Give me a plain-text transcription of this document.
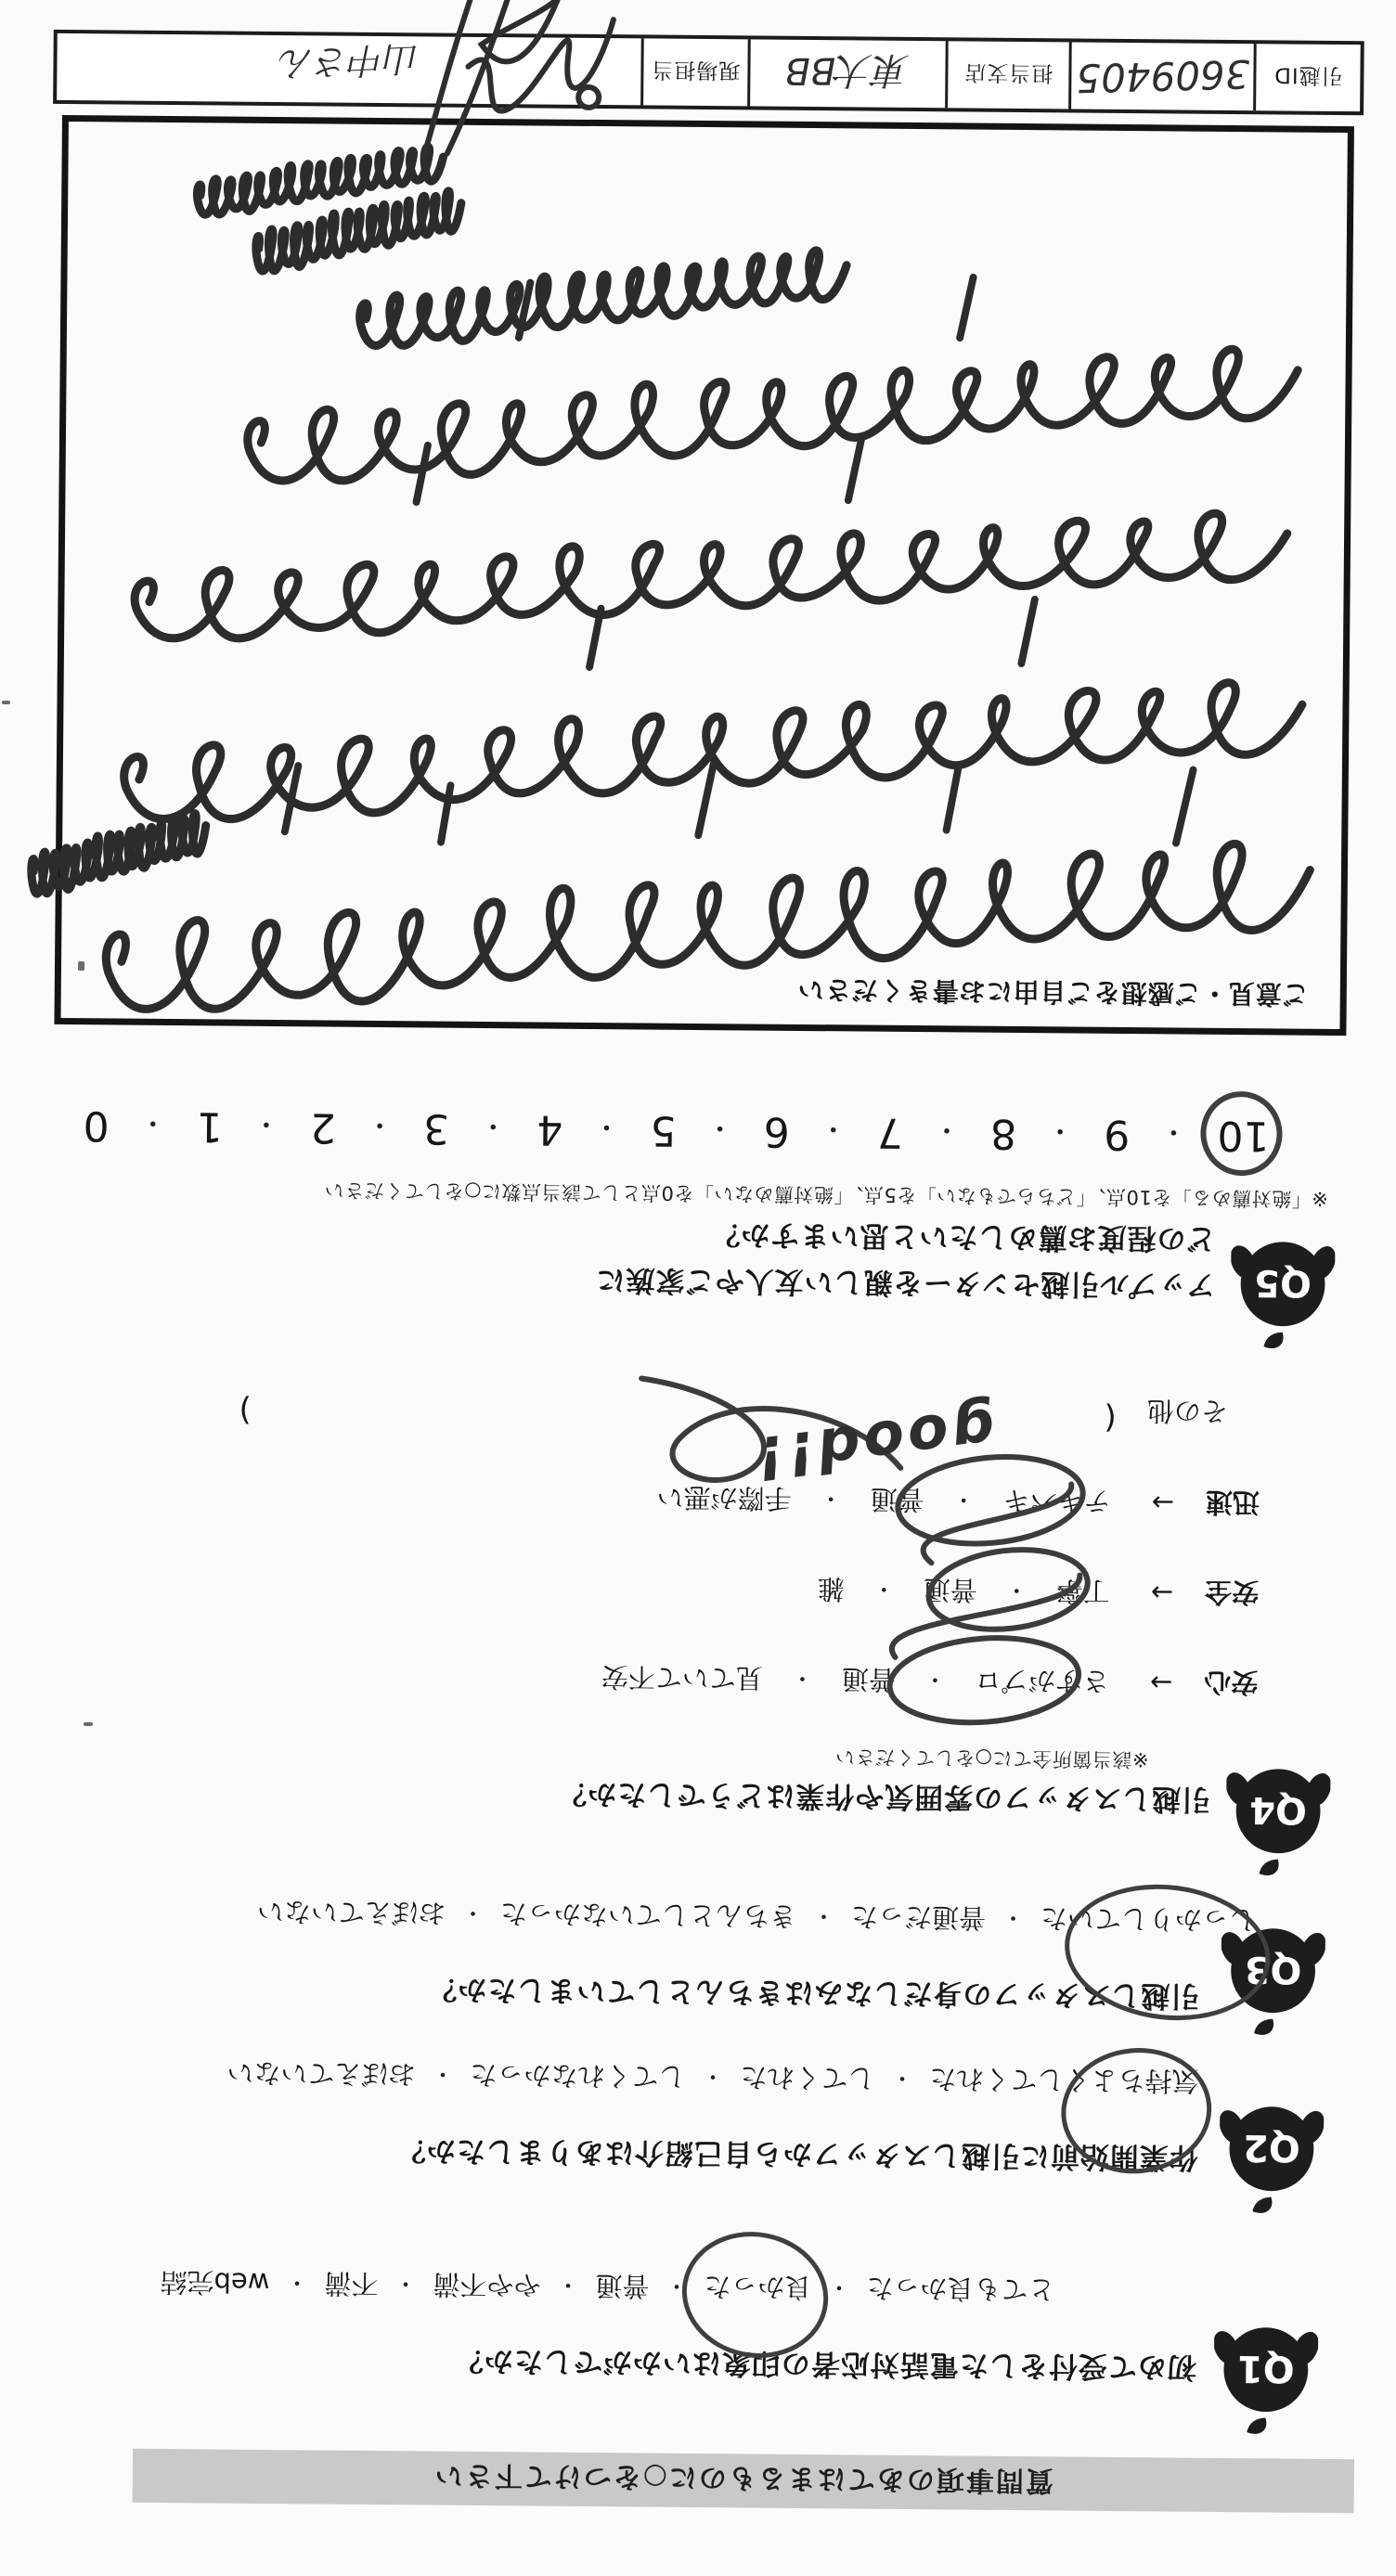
質問事項のあてはまるものに○をつけて下さい
Q1
初めて受付をした電話対応者の印象はいかがでしたか？
とても良かった
・
良かった
・
普通
・
やや不満
・
不満
・
web完結
Q2
作業開始前に引越しスタッフから自己紹介はありましたか？
気持ちよくしてくれた
・
してくれた
・
してくれなかった
・
おぼえていない
Q3
引越しスタッフの身だしなみはきちんとしていましたか？
しっかりしていた
・
普通だった
・
きちんとしていなかった
・
おぼえていない
Q4
引越しスタッフの雰囲気や作業はどうでしたか？
※該当箇所全てに○をしてください
安心
→
さすがプロ
・
普通
・
見ていて不安
安全
→
丁寧
・
普通
・
雑
迅速
→
テキパキ
・
普通
・
手際が悪い
その他
(
good!!
)
Q5
アップル引越センターを親しい友人やご家族に
どの程度お薦めしたいと思いますか？
※「絶対薦める」を10点、「どちらでもない」を5点、「絶対薦めない」を0点として該当点数に○をしてください
10
・
9
・
8
・
7
・
6
・
5
・
4
・
3
・
2
・
1
・
0
ご意見・ご感想をご自由にお書きください
引越ID
3609405
担当支店
東大BB
現場担当
山中さん
